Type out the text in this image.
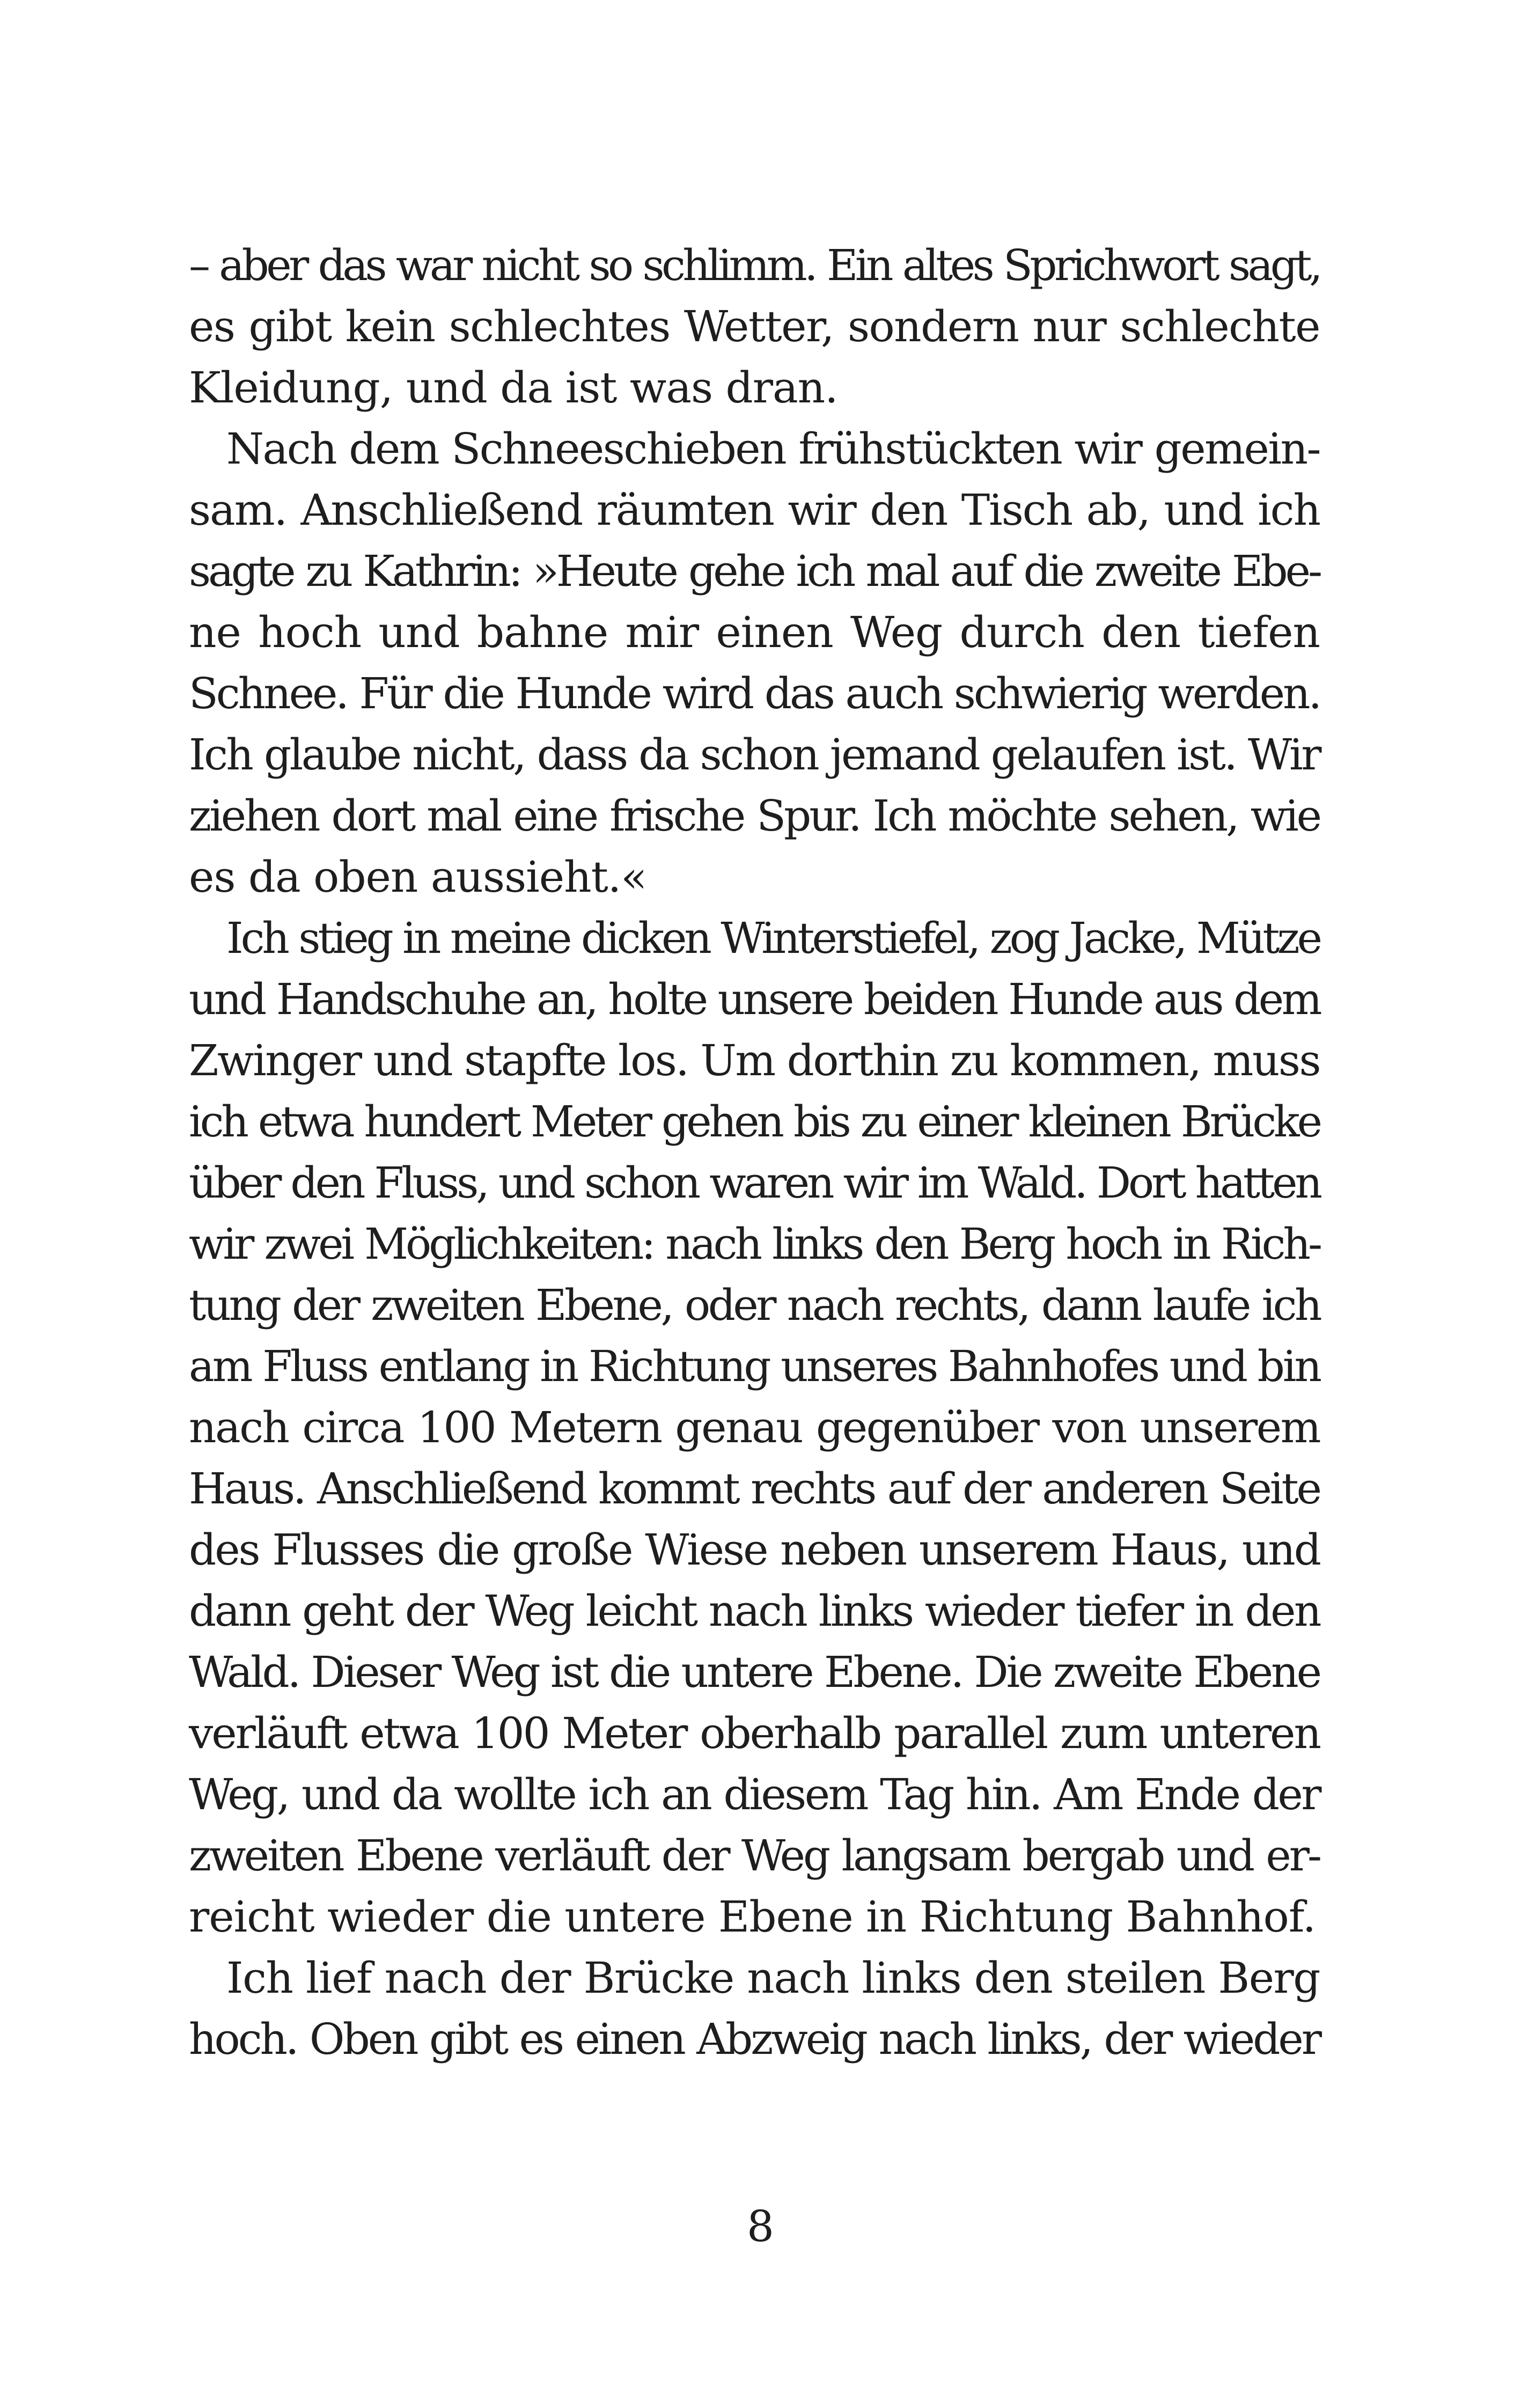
– aber das war nicht so schlimm. Ein altes Sprichwort sagt,
es gibt kein schlechtes Wetter, sondern nur schlechte
Kleidung, und da ist was dran.
Nach dem Schneeschieben frühstückten wir gemein-
sam. Anschließend räumten wir den Tisch ab, und ich
sagte zu Kathrin: »Heute gehe ich mal auf die zweite Ebe-
ne hoch und bahne mir einen Weg durch den tiefen
Schnee. Für die Hunde wird das auch schwierig werden.
Ich glaube nicht, dass da schon jemand gelaufen ist. Wir
ziehen dort mal eine frische Spur. Ich möchte sehen, wie
es da oben aussieht.«
Ich stieg in meine dicken Winterstiefel, zog Jacke, Mütze
und Handschuhe an, holte unsere beiden Hunde aus dem
Zwinger und stapfte los. Um dorthin zu kommen, muss
ich etwa hundert Meter gehen bis zu einer kleinen Brücke
über den Fluss, und schon waren wir im Wald. Dort hatten
wir zwei Möglichkeiten: nach links den Berg hoch in Rich-
tung der zweiten Ebene, oder nach rechts, dann laufe ich
am Fluss entlang in Richtung unseres Bahnhofes und bin
nach circa 100 Metern genau gegenüber von unserem
Haus. Anschließend kommt rechts auf der anderen Seite
des Flusses die große Wiese neben unserem Haus, und
dann geht der Weg leicht nach links wieder tiefer in den
Wald. Dieser Weg ist die untere Ebene. Die zweite Ebene
verläuft etwa 100 Meter oberhalb parallel zum unteren
Weg, und da wollte ich an diesem Tag hin. Am Ende der
zweiten Ebene verläuft der Weg langsam bergab und er-
reicht wieder die untere Ebene in Richtung Bahnhof.
Ich lief nach der Brücke nach links den steilen Berg
hoch. Oben gibt es einen Abzweig nach links, der wieder
8
